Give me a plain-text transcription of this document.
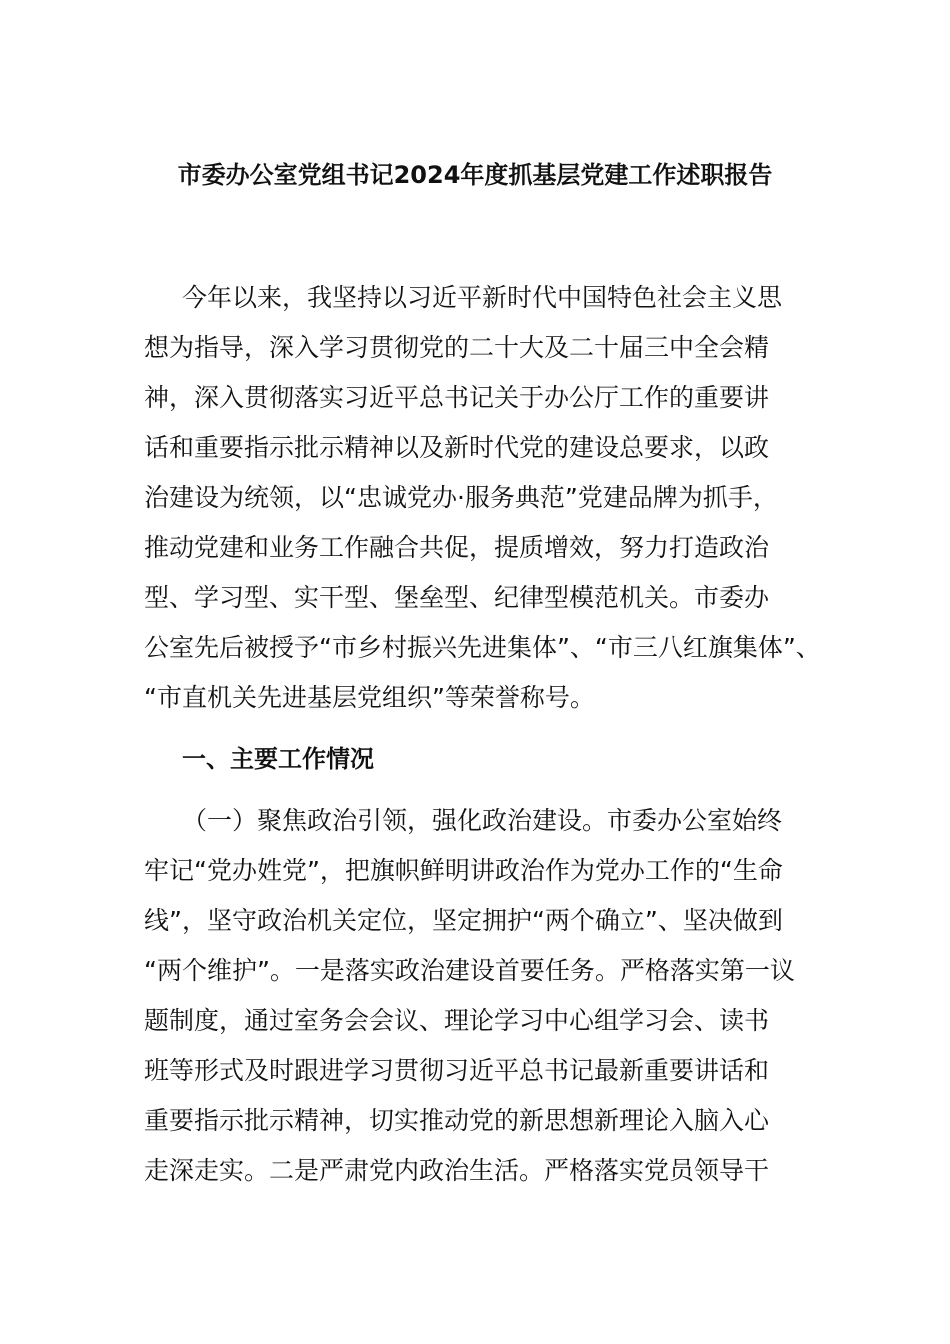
市委办公室党组书记2024年度抓基层党建工作述职报告
今年以来，我坚持以习近平新时代中国特色社会主义思
想为指导，深入学习贯彻党的二十大及二十届三中全会精
神，深入贯彻落实习近平总书记关于办公厅工作的重要讲
话和重要指示批示精神以及新时代党的建设总要求，以政
治建设为统领，以“忠诚党办·服务典范”党建品牌为抓手，
推动党建和业务工作融合共促，提质增效，努力打造政治
型、学习型、实干型、堡垒型、纪律型模范机关。市委办
公室先后被授予“市乡村振兴先进集体”、“市三八红旗集体”、
“市直机关先进基层党组织”等荣誉称号。
一、主要工作情况
（一）聚焦政治引领，强化政治建设。市委办公室始终
牢记“党办姓党”，把旗帜鲜明讲政治作为党办工作的“生命
线”，坚守政治机关定位，坚定拥护“两个确立”、坚决做到
“两个维护”。一是落实政治建设首要任务。严格落实第一议
题制度，通过室务会会议、理论学习中心组学习会、读书
班等形式及时跟进学习贯彻习近平总书记最新重要讲话和
重要指示批示精神，切实推动党的新思想新理论入脑入心
走深走实。二是严肃党内政治生活。严格落实党员领导干
